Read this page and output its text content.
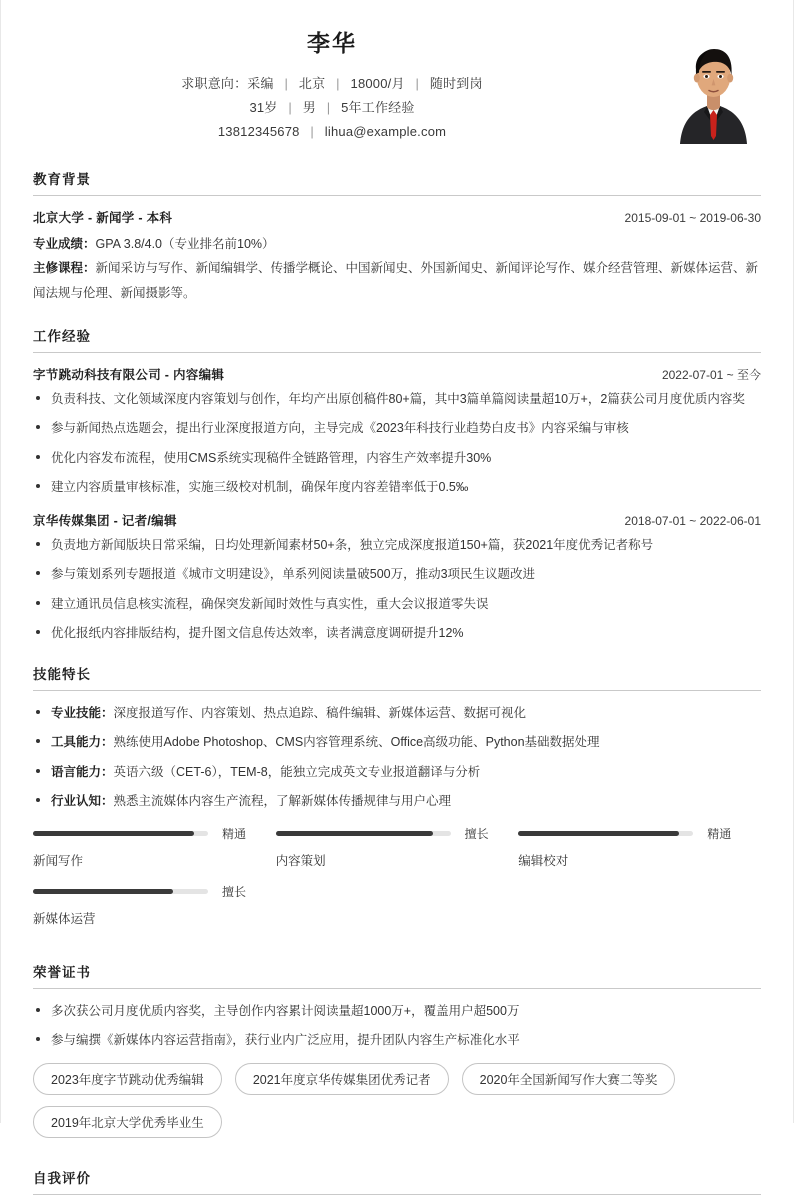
李华
求职意向：采编 | 北京 | 18000/月 | 随时到岗
31岁 | 男 | 5年工作经验
13812345678 | lihua@example.com
教育背景
北京大学 - 新闻学 - 本科	2015-09-01 ~ 2019-06-30
专业成绩：GPA 3.8/4.0（专业排名前10%）
主修课程：新闻采访与写作、新闻编辑学、传播学概论、中国新闻史、外国新闻史、新闻评论写作、媒介经营管理、新媒体运营、新闻法规与伦理、新闻摄影等。
工作经验
字节跳动科技有限公司 - 内容编辑	2022-07-01 ~ 至今
负责科技、文化领域深度内容策划与创作，年均产出原创稿件80+篇，其中3篇单篇阅读量超10万+，2篇获公司月度优质内容奖
参与新闻热点选题会，提出行业深度报道方向，主导完成《2023年科技行业趋势白皮书》内容采编与审核
优化内容发布流程，使用CMS系统实现稿件全链路管理，内容生产效率提升30%
建立内容质量审核标准，实施三级校对机制，确保年度内容差错率低于0.5‰
京华传媒集团 - 记者/编辑	2018-07-01 ~ 2022-06-01
负责地方新闻版块日常采编，日均处理新闻素材50+条，独立完成深度报道150+篇，获2021年度优秀记者称号
参与策划系列专题报道《城市文明建设》，单系列阅读量破500万，推动3项民生议题改进
建立通讯员信息核实流程，确保突发新闻时效性与真实性，重大会议报道零失误
优化报纸内容排版结构，提升图文信息传达效率，读者满意度调研提升12%
技能特长
专业技能：深度报道写作、内容策划、热点追踪、稿件编辑、新媒体运营、数据可视化
工具能力：熟练使用Adobe Photoshop、CMS内容管理系统、Office高级功能、Python基础数据处理
语言能力：英语六级（CET-6），TEM-8，能独立完成英文专业报道翻译与分析
行业认知：熟悉主流媒体内容生产流程，了解新媒体传播规律与用户心理
精通
新闻写作
擅长
内容策划
精通
编辑校对
擅长
新媒体运营
荣誉证书
多次获公司月度优质内容奖，主导创作内容累计阅读量超1000万+，覆盖用户超500万
参与编撰《新媒体内容运营指南》，获行业内广泛应用，提升团队内容生产标准化水平
2023年度字节跳动优秀编辑	2021年度京华传媒集团优秀记者	2020年全国新闻写作大赛二等奖
2019年北京大学优秀毕业生
自我评价
